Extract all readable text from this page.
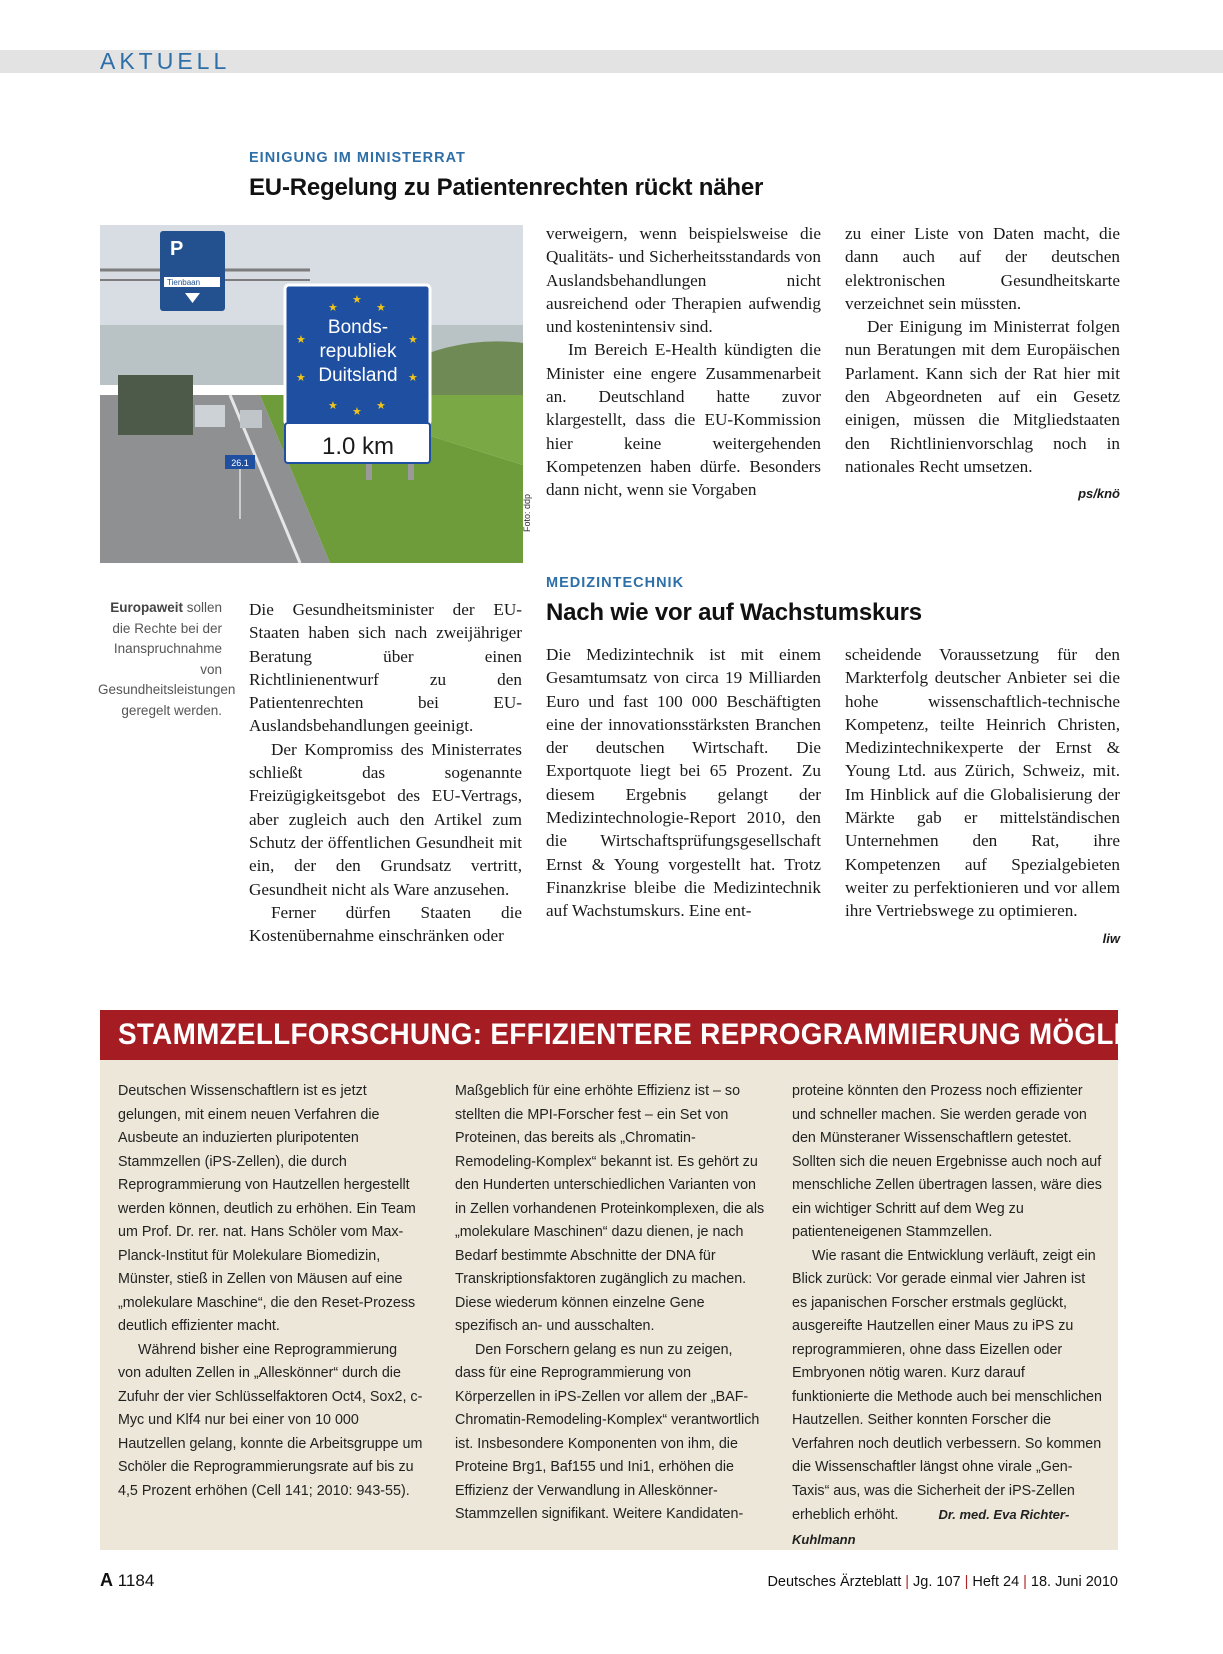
AKTUELL
EINIGUNG IM MINISTERRAT
EU-Regelung zu Patientenrechten rückt näher
P
Tienbaan
Bonds-
republiek
Duitsland
★
★
★
★	★
★	★
★ ★ ★
1.0 km
26.1
Foto: ddp
Europaweit sollen die Rechte bei der Inanspruchnahme von Gesundheitsleistungen geregelt werden.

Die Gesundheitsminister der EU-Staaten haben sich nach zweijähriger Beratung über einen Richtlinienentwurf zu den Patientenrechten bei EU-Auslandsbehandlungen geeinigt.

Der Kompromiss des Ministerrates schließt das sogenannte Freizügigkeitsgebot des EU-Vertrags, aber zugleich auch den Artikel zum Schutz der öffentlichen Gesundheit mit ein, der den Grundsatz vertritt, Gesundheit nicht als Ware anzusehen.

Ferner dürfen Staaten die Kostenübernahme einschränken oder

verweigern, wenn beispielsweise die Qualitäts- und Sicherheitsstandards von Auslandsbehandlungen nicht ausreichend oder Therapien aufwendig und kostenintensiv sind.

Im Bereich E-Health kündigten die Minister eine engere Zusammenarbeit an. Deutschland hatte zuvor klargestellt, dass die EU-Kommission hier keine weitergehenden Kompetenzen haben dürfe. Besonders dann nicht, wenn sie Vorgaben

zu einer Liste von Daten macht, die dann auch auf der deutschen elektronischen Gesundheitskarte verzeichnet sein müssten.

Der Einigung im Ministerrat folgen nun Beratungen mit dem Europäischen Parlament. Kann sich der Rat hier mit den Abgeordneten auf ein Gesetz einigen, müssen die Mitgliedstaaten den Richtlinienvorschlag noch in nationales Recht umsetzen.

ps/knö
MEDIZINTECHNIK
Nach wie vor auf Wachstumskurs

Die Medizintechnik ist mit einem Gesamtumsatz von circa 19 Milliarden Euro und fast 100 000 Beschäftigten eine der innovationsstärksten Branchen der deutschen Wirtschaft. Die Exportquote liegt bei 65 Prozent. Zu diesem Ergebnis gelangt der Medizintechnologie-Report 2010, den die Wirtschaftsprüfungsgesellschaft Ernst & Young vorgestellt hat. Trotz Finanzkrise bleibe die Medizintechnik auf Wachstumskurs. Eine ent-

scheidende Voraussetzung für den Markterfolg deutscher Anbieter sei die hohe wissenschaftlich-technische Kompetenz, teilte Heinrich Christen, Medizintechnikexperte der Ernst & Young Ltd. aus Zürich, Schweiz, mit. Im Hinblick auf die Globalisierung der Märkte gab er mittelständischen Unternehmen den Rat, ihre Kompetenzen auf Spezialgebieten weiter zu perfektionieren und vor allem ihre Vertriebswege zu optimieren.

liw
STAMMZELLFORSCHUNG: EFFIZIENTERE REPROGRAMMIERUNG MÖGLICH

Deutschen Wissenschaftlern ist es jetzt gelungen, mit einem neuen Verfahren die Ausbeute an induzierten pluripotenten Stammzellen (iPS-Zellen), die durch Reprogrammierung von Hautzellen hergestellt werden können, deutlich zu erhöhen. Ein Team um Prof. Dr. rer. nat. Hans Schöler vom Max-Planck-Institut für Molekulare Biomedizin, Münster, stieß in Zellen von Mäusen auf eine „molekulare Maschine“, die den Reset-Prozess deutlich effizienter macht.

Während bisher eine Reprogrammierung von adulten Zellen in „Alleskönner“ durch die Zufuhr der vier Schlüsselfaktoren Oct4, Sox2, c-Myc und Klf4 nur bei einer von 10 000 Hautzellen gelang, konnte die Arbeitsgruppe um Schöler die Reprogrammierungsrate auf bis zu 4,5 Prozent erhöhen (Cell 141; 2010: 943-55).

Maßgeblich für eine erhöhte Effizienz ist – so stellten die MPI-Forscher fest – ein Set von Proteinen, das bereits als „Chromatin-Remodeling-Komplex“ bekannt ist. Es gehört zu den Hunderten unterschiedlichen Varianten von in Zellen vorhandenen Proteinkomplexen, die als „molekulare Maschinen“ dazu dienen, je nach Bedarf bestimmte Abschnitte der DNA für Transkriptionsfaktoren zugänglich zu machen. Diese wiederum können einzelne Gene spezifisch an- und ausschalten.

Den Forschern gelang es nun zu zeigen, dass für eine Reprogrammierung von Körperzellen in iPS-Zellen vor allem der „BAF-Chromatin-Remodeling-Komplex“ verantwortlich ist. Insbesondere Komponenten von ihm, die Proteine Brg1, Baf155 und Ini1, erhöhen die Effizienz der Verwandlung in Alleskönner-Stammzellen signifikant. Weitere Kandidaten-

proteine könnten den Prozess noch effizienter und schneller machen. Sie werden gerade von den Münsteraner Wissenschaftlern getestet. Sollten sich die neuen Ergebnisse auch noch auf menschliche Zellen übertragen lassen, wäre dies ein wichtiger Schritt auf dem Weg zu patienteneigenen Stammzellen.

Wie rasant die Entwicklung verläuft, zeigt ein Blick zurück: Vor gerade einmal vier Jahren ist es japanischen Forscher erstmals geglückt, ausgereifte Hautzellen einer Maus zu iPS zu reprogrammieren, ohne dass Eizellen oder Embryonen nötig waren. Kurz darauf funktionierte die Methode auch bei menschlichen Hautzellen. Seither konnten Forscher die Verfahren noch deutlich verbessern. So kommen die Wissenschaftler längst ohne virale „Gen-Taxis“ aus, was die Sicherheit der iPS-Zellen erheblich erhöht.	Dr. med. Eva Richter-Kuhlmann

A 1184	Deutsches Ärzteblatt | Jg. 107 | Heft 24 | 18. Juni 2010
